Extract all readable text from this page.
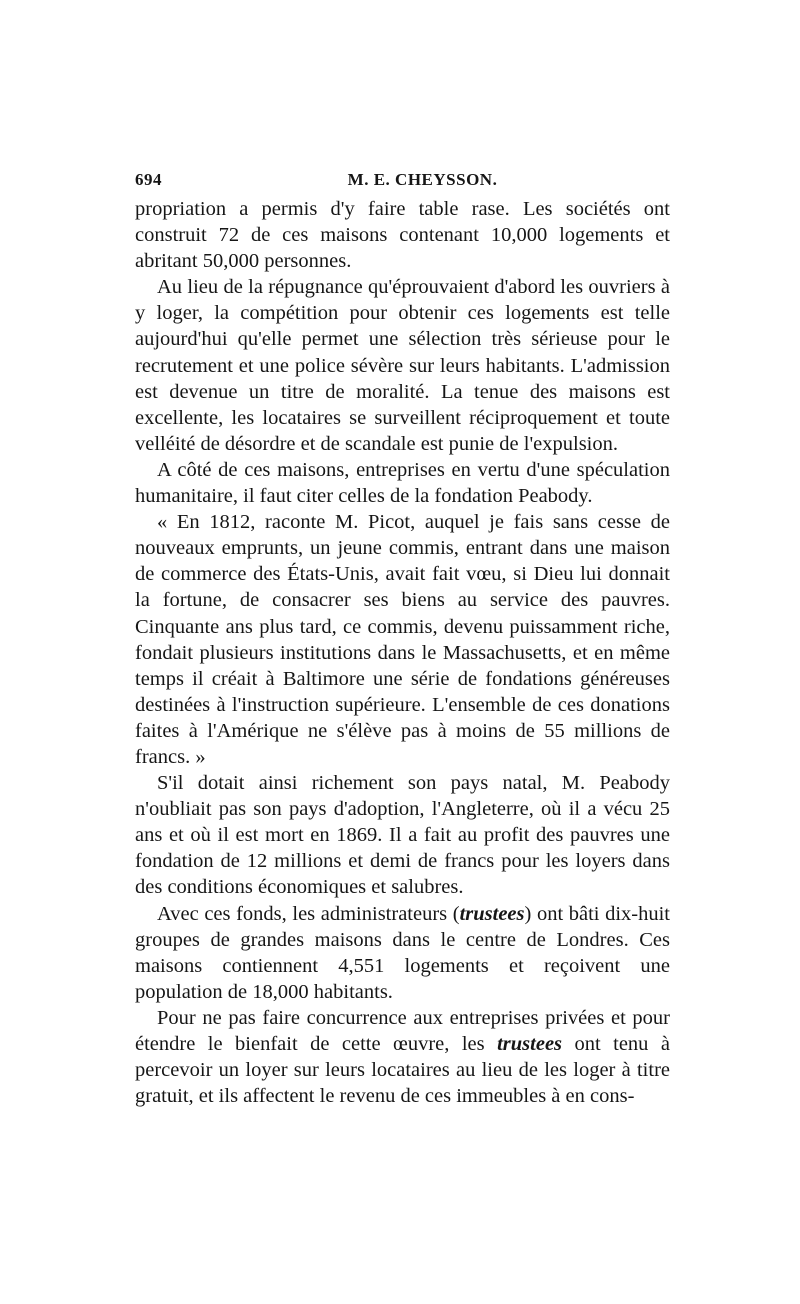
694	M. E. CHEYSSON.

propriation a permis d'y faire table rase. Les sociétés ont construit 72 de ces maisons contenant 10,000 logements et abritant 50,000 personnes.

Au lieu de la répugnance qu'éprouvaient d'abord les ouvriers à y loger, la compétition pour obtenir ces logements est telle aujourd'hui qu'elle permet une sélection très sérieuse pour le recrutement et une police sévère sur leurs habitants. L'admission est devenue un titre de moralité. La tenue des maisons est excellente, les locataires se surveillent réciproquement et toute velléité de désordre et de scandale est punie de l'expulsion.

A côté de ces maisons, entreprises en vertu d'une spéculation humanitaire, il faut citer celles de la fondation Peabody.

« En 1812, raconte M. Picot, auquel je fais sans cesse de nouveaux emprunts, un jeune commis, entrant dans une maison de commerce des États-Unis, avait fait vœu, si Dieu lui donnait la fortune, de consacrer ses biens au service des pauvres. Cinquante ans plus tard, ce commis, devenu puissamment riche, fondait plusieurs institutions dans le Massachusetts, et en même temps il créait à Baltimore une série de fondations généreuses destinées à l'instruction supérieure. L'ensemble de ces donations faites à l'Amérique ne s'élève pas à moins de 55 millions de francs. »

S'il dotait ainsi richement son pays natal, M. Peabody n'oubliait pas son pays d'adoption, l'Angleterre, où il a vécu 25 ans et où il est mort en 1869. Il a fait au profit des pauvres une fondation de 12 millions et demi de francs pour les loyers dans des conditions économiques et salubres.

Avec ces fonds, les administrateurs (trustees) ont bâti dix-huit groupes de grandes maisons dans le centre de Londres. Ces maisons contiennent 4,551 logements et reçoivent une population de 18,000 habitants.

Pour ne pas faire concurrence aux entreprises privées et pour étendre le bienfait de cette œuvre, les trustees ont tenu à percevoir un loyer sur leurs locataires au lieu de les loger à titre gratuit, et ils affectent le revenu de ces immeubles à en cons-
